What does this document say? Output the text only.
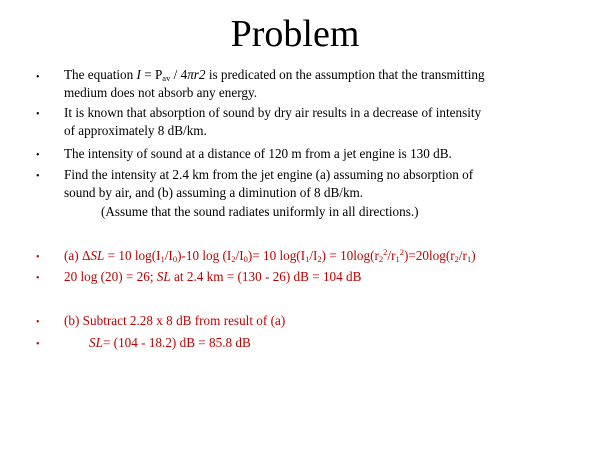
Problem
• The equation $I = P_{av} / 4\pi r2$ is predicated on the assumption that the transmitting
medium does not absorb any energy.
• It is known that absorption of sound by dry air results in a decrease of intensity
of approximately 8 dB/km.
• The intensity of sound at a distance of 120 m from a jet engine is 130 dB.
• Find the intensity at 2.4 km from the jet engine (a) assuming no absorption of
sound by air, and (b) assuming a diminution of 8 dB/km.
(Assume that the sound radiates uniformly in all directions.)
• (a) ΔSL = 10 $\log(I_1/I_0)-10$ $\log (I_2/I_0)= 10$ $\log(I_1/I_2) = 10\log(r_2^2/r_1^2)=20\log(r_2/r_1)$
• 20 log (20) = 26; SL at 2.4 km = (130 - 26) dB = 104 dB
• (b) Subtract 2.28 x 8 dB from result of (a)
•	SL= (104 - 18.2) dB = 85.8 dB
